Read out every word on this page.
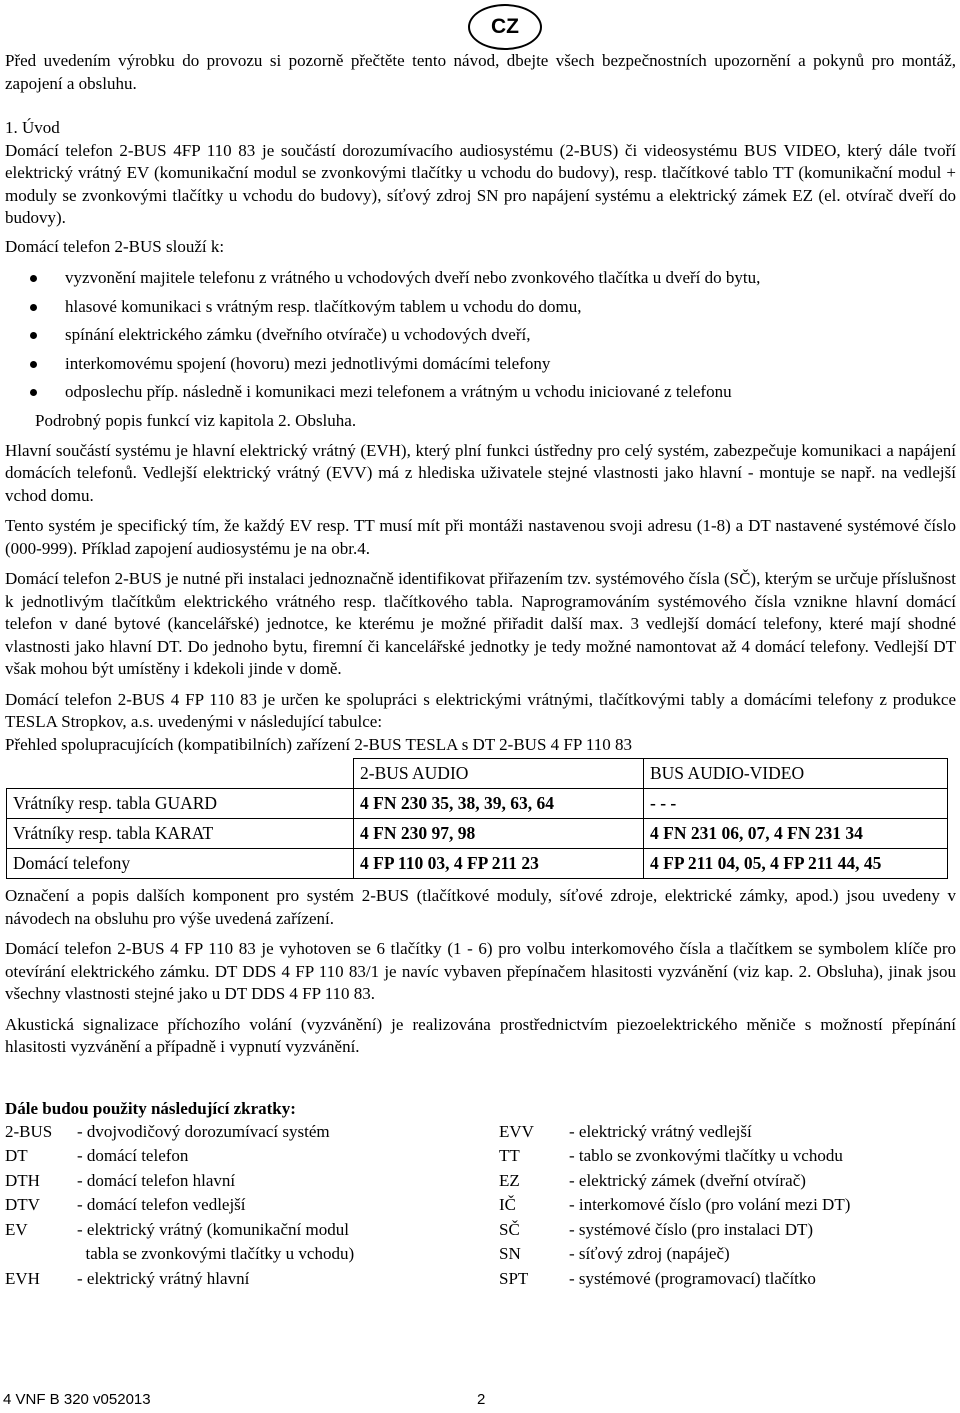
CZ

Před uvedením výrobku do provozu si pozorně přečtěte tento návod, dbejte všech bezpečnostních upozornění a pokynů pro montáž, zapojení a obsluhu.

1. Úvod

Domácí telefon 2-BUS 4FP 110 83 je součástí dorozumívacího audiosystému (2-BUS) či videosystému BUS VIDEO, který dále tvoří elektrický vrátný EV (komunikační modul se zvonkovými tlačítky u vchodu do budovy), resp. tlačítkové tablo TT (komunikační modul + moduly se zvonkovými tlačítky u vchodu do budovy), síťový zdroj SN pro napájení systému a elektrický zámek EZ (el. otvírač dveří do budovy).

Domácí telefon 2-BUS slouží k:

vyzvonění majitele telefonu z vrátného u vchodových dveří nebo zvonkového tlačítka u dveří do bytu,
hlasové komunikaci s vrátným resp. tlačítkovým tablem u vchodu do domu,
spínání elektrického zámku (dveřního otvírače) u vchodových dveří,
interkomovému spojení (hovoru) mezi jednotlivými domácími telefony
odposlechu příp. následně i komunikaci mezi telefonem a vrátným u vchodu iniciované z telefonu

Podrobný popis funkcí viz kapitola 2. Obsluha.

Hlavní součástí systému je hlavní elektrický vrátný (EVH), který plní funkci ústředny pro celý systém, zabezpečuje komunikaci a napájení domácích telefonů. Vedlejší elektrický vrátný (EVV) má z hlediska uživatele stejné vlastnosti jako hlavní - montuje se např. na vedlejší vchod domu.

Tento systém je specifický tím, že každý EV resp. TT musí mít při montáži nastavenou svoji adresu (1-8) a DT nastavené systémové číslo (000-999). Příklad zapojení audiosystému je na obr.4.

Domácí telefon 2-BUS je nutné při instalaci jednoznačně identifikovat přiřazením tzv. systémového čísla (SČ), kterým se určuje příslušnost k jednotlivým tlačítkům elektrického vrátného resp. tlačítkového tabla. Naprogramováním systémového čísla vznikne hlavní domácí telefon v dané bytové (kancelářské) jednotce, ke kterému je možné přiřadit další max. 3 vedlejší domácí telefony, které mají shodné vlastnosti jako hlavní DT. Do jednoho bytu, firemní či kancelářské jednotky je tedy možné namontovat až 4 domácí telefony. Vedlejší DT však mohou být umístěny i kdekoli jinde v domě.

Domácí telefon 2-BUS 4 FP 110 83 je určen ke spolupráci s elektrickými vrátnými, tlačítkovými tably a domácími telefony z produkce TESLA Stropkov, a.s. uvedenými v následující tabulce:

Přehled spolupracujících (kompatibilních) zařízení 2-BUS TESLA s DT 2-BUS 4 FP 110 83

	2-BUS AUDIO	BUS AUDIO-VIDEO
Vrátníky resp. tabla GUARD	4 FN 230 35, 38, 39, 63, 64	- - -
Vrátníky resp. tabla KARAT	4 FN 230 97, 98	4 FN 231 06, 07, 4 FN 231 34
Domácí telefony	4 FP 110 03, 4 FP 211 23	4 FP 211 04, 05, 4 FP 211 44, 45

Označení a popis dalších komponent pro systém 2-BUS (tlačítkové moduly, síťové zdroje, elektrické zámky, apod.) jsou uvedeny v návodech na obsluhu pro výše uvedená zařízení.

Domácí telefon 2-BUS 4 FP 110 83 je vyhotoven se 6 tlačítky (1 - 6) pro volbu interkomového čísla a tlačítkem se symbolem klíče pro otevírání elektrického zámku. DT DDS 4 FP 110 83/1 je navíc vybaven přepínačem hlasitosti vyzvánění (viz kap. 2. Obsluha), jinak jsou všechny vlastnosti stejné jako u DT DDS 4 FP 110 83.

Akustická signalizace příchozího volání (vyzvánění) je realizována prostřednictvím piezoelektrického měniče s možností přepínání hlasitosti vyzvánění a případně i vypnutí vyzvánění.

Dále budou použity následující zkratky:

2-BUS	- dvojvodičový dorozumívací systém	EVV	- elektrický vrátný vedlejší
DT	- domácí telefon	TT	- tablo se zvonkovými tlačítky u vchodu
DTH	- domácí telefon hlavní	EZ	- elektrický zámek (dveřní otvírač)
DTV	- domácí telefon vedlejší	IČ	- interkomové číslo (pro volání mezi DT)
EV	- elektrický vrátný (komunikační modul	SČ	- systémové číslo (pro instalaci DT)
tabla se zvonkovými tlačítky u vchodu)	SN	- síťový zdroj (napáječ)
EVH	- elektrický vrátný hlavní	SPT	- systémové (programovací) tlačítko
4 VNF B 320 v052013	2
